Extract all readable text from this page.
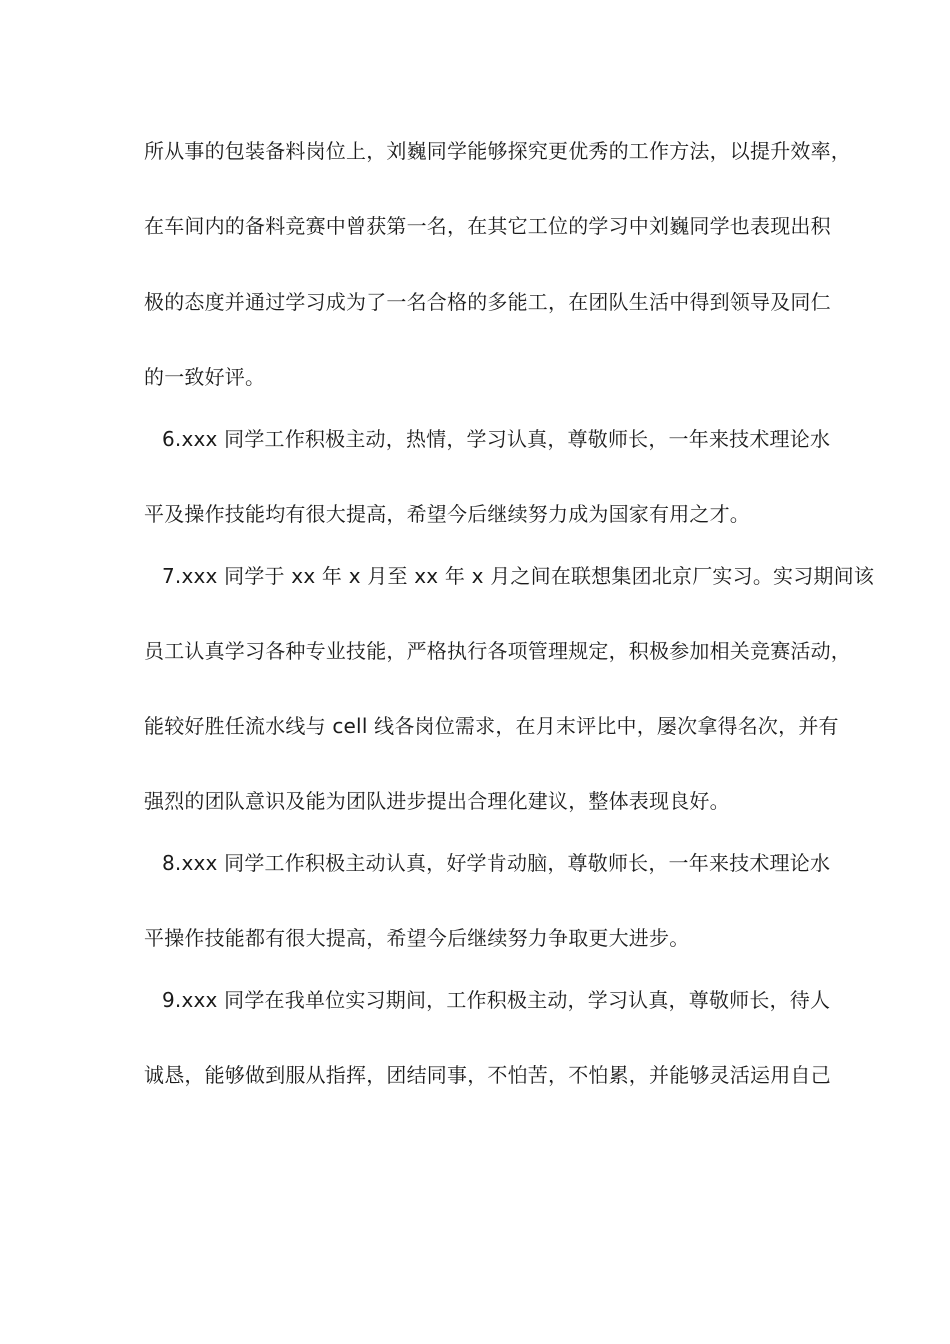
所从事的包装备料岗位上，刘巍同学能够探究更优秀的工作方法，以提升效率，
在车间内的备料竞赛中曾获第一名，在其它工位的学习中刘巍同学也表现出积
极的态度并通过学习成为了一名合格的多能工，在团队生活中得到领导及同仁
的一致好评。
6.xxx 同学工作积极主动，热情，学习认真，尊敬师长，一年来技术理论水
平及操作技能均有很大提高，希望今后继续努力成为国家有用之才。
7.xxx 同学于 xx 年 x 月至 xx 年 x 月之间在联想集团北京厂实习。实习期间该
员工认真学习各种专业技能，严格执行各项管理规定，积极参加相关竞赛活动，
能较好胜任流水线与 cell 线各岗位需求，在月末评比中，屡次拿得名次，并有
强烈的团队意识及能为团队进步提出合理化建议，整体表现良好。
8.xxx 同学工作积极主动认真，好学肯动脑，尊敬师长，一年来技术理论水
平操作技能都有很大提高，希望今后继续努力争取更大进步。
9.xxx 同学在我单位实习期间，工作积极主动，学习认真，尊敬师长，待人
诚恳，能够做到服从指挥，团结同事，不怕苦，不怕累，并能够灵活运用自己
